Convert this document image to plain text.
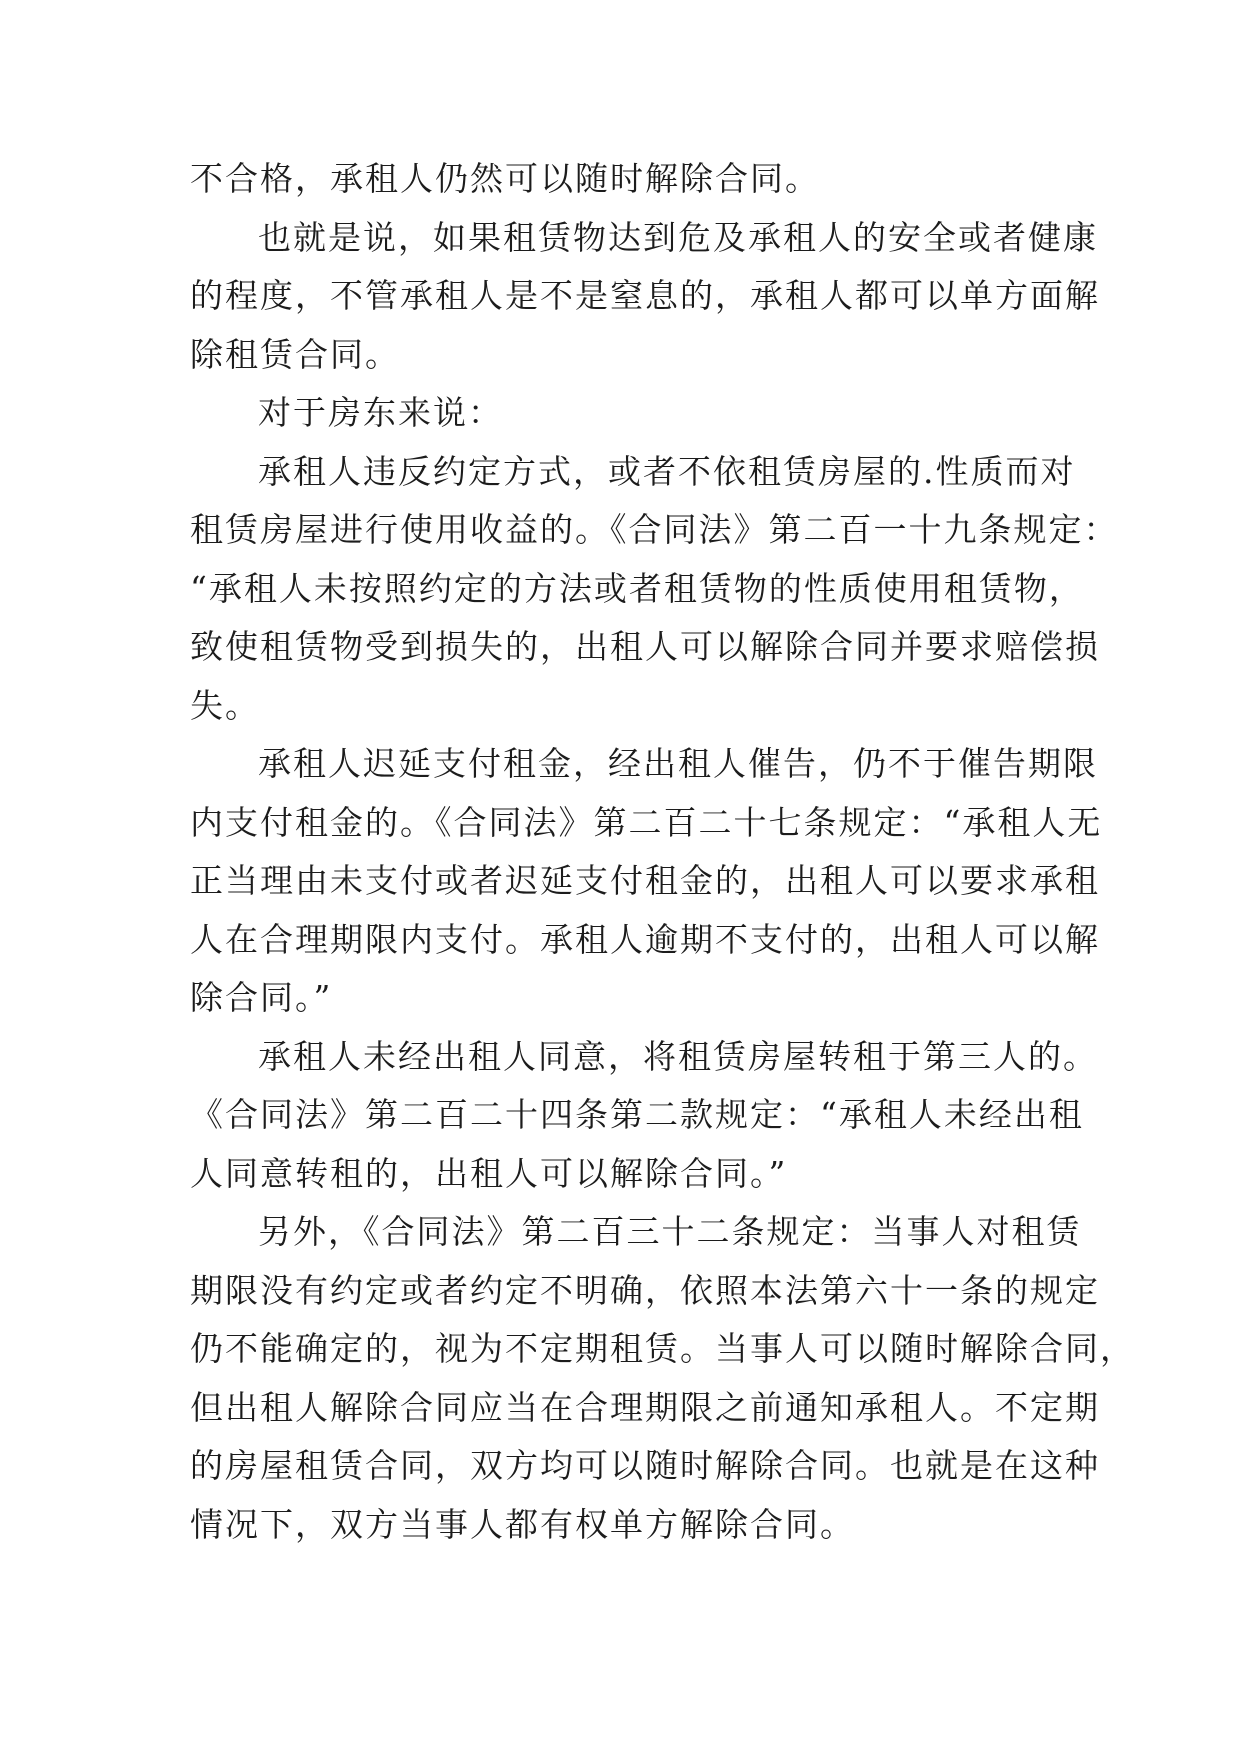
不合格，承租人仍然可以随时解除合同。
也就是说，如果租赁物达到危及承租人的安全或者健康
的程度，不管承租人是不是窒息的，承租人都可以单方面解
除租赁合同。
对于房东来说：
承租人违反约定方式，或者不依租赁房屋的.性质而对
租赁房屋进行使用收益的。《合同法》第二百一十九条规定：
“承租人未按照约定的方法或者租赁物的性质使用租赁物，
致使租赁物受到损失的，出租人可以解除合同并要求赔偿损
失。
承租人迟延支付租金，经出租人催告，仍不于催告期限
内支付租金的。《合同法》第二百二十七条规定：“承租人无
正当理由未支付或者迟延支付租金的，出租人可以要求承租
人在合理期限内支付。承租人逾期不支付的，出租人可以解
除合同。”
承租人未经出租人同意，将租赁房屋转租于第三人的。
《合同法》第二百二十四条第二款规定：“承租人未经出租
人同意转租的，出租人可以解除合同。”
另外，《合同法》第二百三十二条规定：当事人对租赁
期限没有约定或者约定不明确，依照本法第六十一条的规定
仍不能确定的，视为不定期租赁。当事人可以随时解除合同，
但出租人解除合同应当在合理期限之前通知承租人。不定期
的房屋租赁合同，双方均可以随时解除合同。也就是在这种
情况下，双方当事人都有权单方解除合同。
